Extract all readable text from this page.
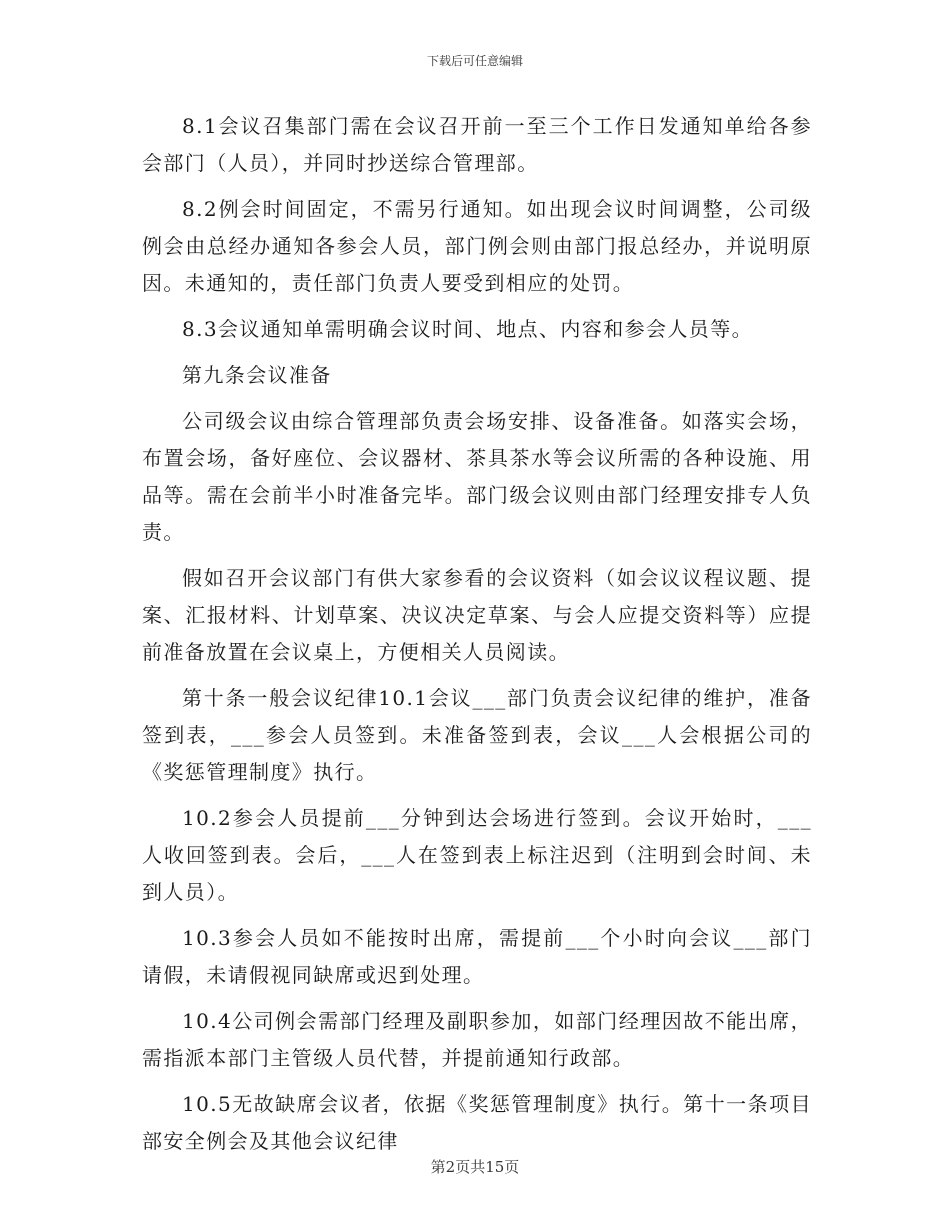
下载后可任意编辑

8.1会议召集部门需在会议召开前一至三个工作日发通知单给各参会部门（人员），并同时抄送综合管理部。

8.2例会时间固定，不需另行通知。如出现会议时间调整，公司级例会由总经办通知各参会人员，部门例会则由部门报总经办，并说明原因。未通知的，责任部门负责人要受到相应的处罚。

8.3会议通知单需明确会议时间、地点、内容和参会人员等。

第九条会议准备

公司级会议由综合管理部负责会场安排、设备准备。如落实会场，布置会场，备好座位、会议器材、茶具茶水等会议所需的各种设施、用品等。需在会前半小时准备完毕。部门级会议则由部门经理安排专人负责。

假如召开会议部门有供大家参看的会议资料（如会议议程议题、提案、汇报材料、计划草案、决议决定草案、与会人应提交资料等）应提前准备放置在会议桌上，方便相关人员阅读。

第十条一般会议纪律10.1会议___部门负责会议纪律的维护，准备签到表，___参会人员签到。未准备签到表，会议___人会根据公司的《奖惩管理制度》执行。

10.2参会人员提前___分钟到达会场进行签到。会议开始时，___人收回签到表。会后，___人在签到表上标注迟到（注明到会时间、未到人员）。

10.3参会人员如不能按时出席，需提前___个小时向会议___部门请假，未请假视同缺席或迟到处理。

10.4公司例会需部门经理及副职参加，如部门经理因故不能出席，需指派本部门主管级人员代替，并提前通知行政部。

10.5无故缺席会议者，依据《奖惩管理制度》执行。第十一条项目部安全例会及其他会议纪律

第2页共15页
